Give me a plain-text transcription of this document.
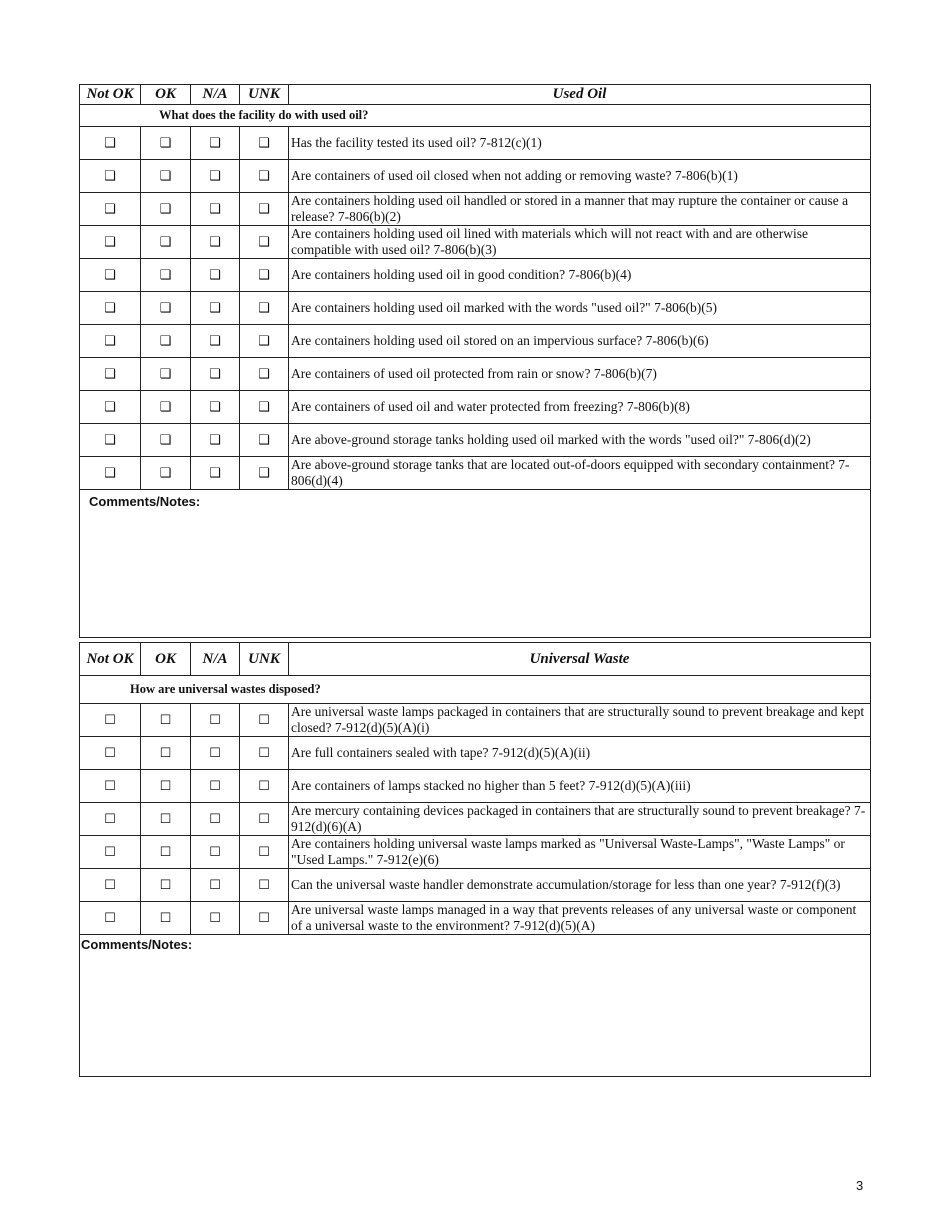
Not OK	OK	N/A	UNK	Used Oil
What does the facility do with used oil?				
❑	❑	❑	❑	Has the facility tested its used oil? 7-812(c)(1)
❑	❑	❑	❑	Are containers of used oil closed when not adding or removing waste? 7-806(b)(1)
❑	❑	❑	❑	Are containers holding used oil handled or stored in a manner that may rupture the container or cause a release? 7-806(b)(2)
❑	❑	❑	❑	Are containers holding used oil lined with materials which will not react with and are otherwise compatible with used oil? 7-806(b)(3)
❑	❑	❑	❑	Are containers holding used oil in good condition? 7-806(b)(4)
❑	❑	❑	❑	Are containers holding used oil marked with the words "used oil?" 7-806(b)(5)
❑	❑	❑	❑	Are containers holding used oil stored on an impervious surface? 7-806(b)(6)
❑	❑	❑	❑	Are containers of used oil protected from rain or snow? 7-806(b)(7)
❑	❑	❑	❑	Are containers of used oil and water protected from freezing? 7-806(b)(8)
❑	❑	❑	❑	Are above-ground storage tanks holding used oil marked with the words "used oil?" 7-806(d)(2)
❑	❑	❑	❑	Are above-ground storage tanks that are located out-of-doors equipped with secondary containment? 7-806(d)(4)
Comments/Notes:				
Not OK	OK	N/A	UNK	Universal Waste
How are universal wastes disposed?				
☐	☐	☐	☐	Are universal waste lamps packaged in containers that are structurally sound to prevent breakage and kept closed? 7-912(d)(5)(A)(i)
☐	☐	☐	☐	Are full containers sealed with tape? 7-912(d)(5)(A)(ii)
☐	☐	☐	☐	Are containers of lamps stacked no higher than 5 feet? 7-912(d)(5)(A)(iii)
☐	☐	☐	☐	Are mercury containing devices packaged in containers that are structurally sound to prevent breakage? 7-912(d)(6)(A)
☐	☐	☐	☐	Are containers holding universal waste lamps marked as "Universal Waste-Lamps", "Waste Lamps" or "Used Lamps." 7-912(e)(6)
☐	☐	☐	☐	Can the universal waste handler demonstrate accumulation/storage for less than one year? 7-912(f)(3)
☐	☐	☐	☐	Are universal waste lamps managed in a way that prevents releases of any universal waste or component of a universal waste to the environment? 7-912(d)(5)(A)
Comments/Notes:				
3
